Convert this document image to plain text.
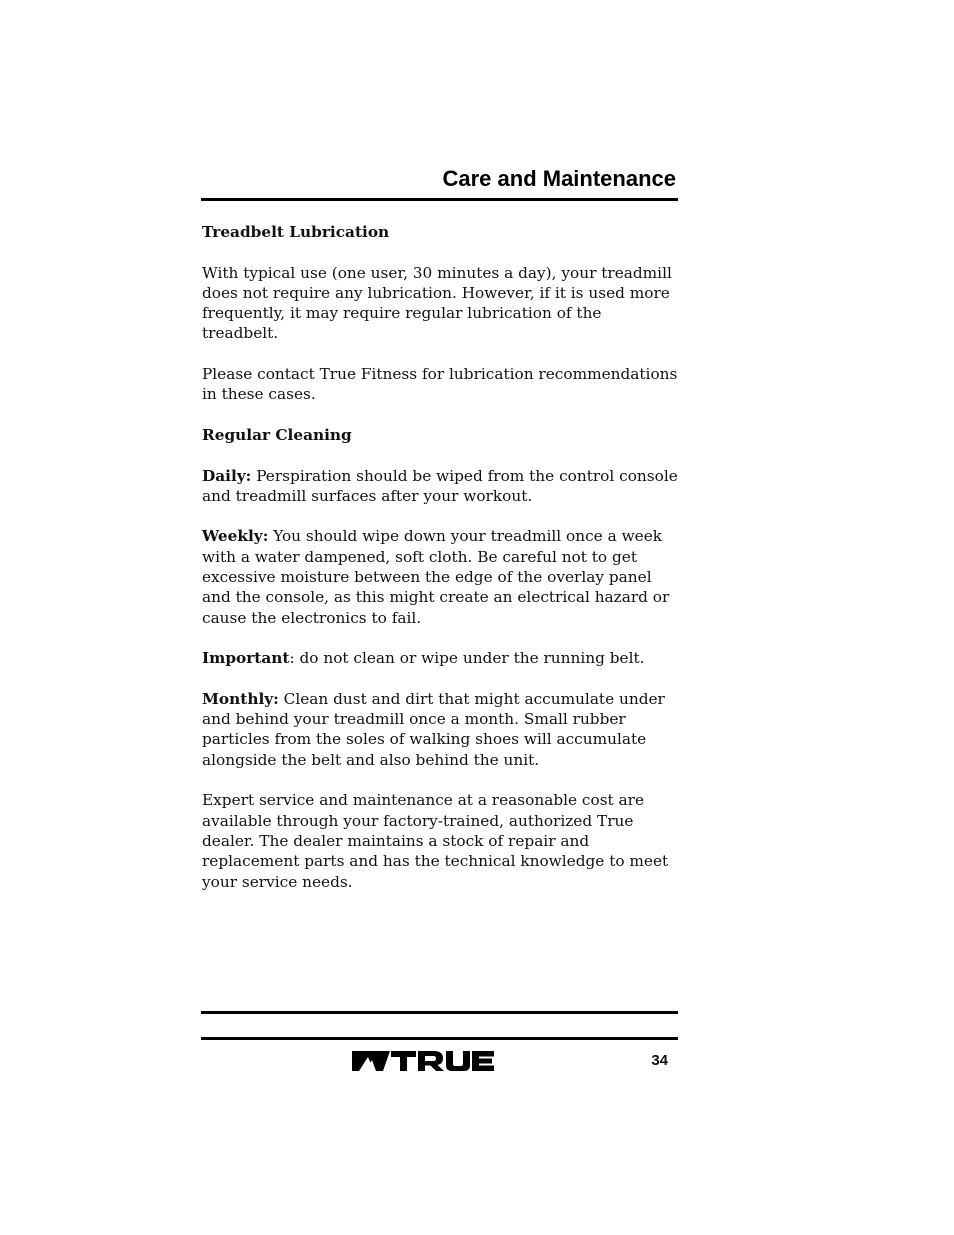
Care and Maintenance

Treadbelt Lubrication

With typical use (one user, 30 minutes a day), your treadmill does not require any lubrication. However, if it is used more frequently, it may require regular lubrication of the treadbelt.

Please contact True Fitness for lubrication recommendations in these cases.

Regular Cleaning

Daily: Perspiration should be wiped from the control console and treadmill surfaces after your workout.

Weekly: You should wipe down your treadmill once a week with a water dampened, soft cloth. Be careful not to get excessive moisture between the edge of the overlay panel and the console, as this might create an electrical hazard or cause the electronics to fail.

Important: do not clean or wipe under the running belt.

Monthly: Clean dust and dirt that might accumulate under and behind your treadmill once a month. Small rubber particles from the soles of walking shoes will accumulate alongside the belt and also behind the unit.

Expert service and maintenance at a reasonable cost are available through your factory-trained, authorized True dealer. The dealer maintains a stock of repair and replacement parts and has the technical knowledge to meet your service needs.

34
